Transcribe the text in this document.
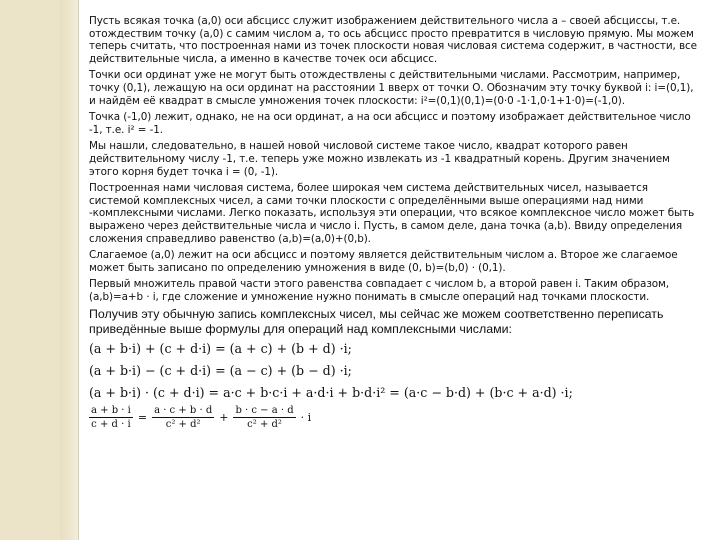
Пусть всякая точка (а,0) оси абсцисс служит изображением действительного числа а – своей абсциссы, т.е. отождествим точку (а,0) с самим числом а, то ось абсцисс просто превратится в числовую прямую. Мы можем теперь считать, что построенная нами из точек плоскости новая числовая система содержит, в частности, все действительные числа, а именно в качестве точек оси абсцисс.

Точки оси ординат уже не могут быть отождествлены с действительными числами. Рассмотрим, например, точку (0,1), лежащую на оси ординат на расстоянии 1 вверх от точки О. Обозначим эту точку буквой i: i=(0,1), и найдём её квадрат в смысле умножения точек плоскости: i²=(0,1)(0,1)=(0·0 -1·1,0·1+1·0)=(-1,0).

Точка (-1,0) лежит, однако, не на оси ординат, а на оси абсцисс и поэтому изображает действительное число -1, т.е. i² = -1.

Мы нашли, следовательно, в нашей новой числовой системе такое число, квадрат которого равен действительному числу -1, т.е. теперь уже можно извлекать из -1 квадратный корень. Другим значением этого корня будет точка i = (0, -1).

Построенная нами числовая система, более широкая чем система действительных чисел, называется системой комплексных чисел, а сами точки плоскости с определёнными выше операциями над ними -комплексными числами. Легко показать, используя эти операции, что всякое комплексное число может быть выражено через действительные числа и число i. Пусть, в самом деле, дана точка (а,b). Ввиду определения сложения справедливо равенство (a,b)=(a,0)+(0,b).

Слагаемое (а,0) лежит на оси абсцисс и поэтому является действительным числом а. Второе же слагаемое может быть записано по определению умножения в виде (0, b)=(b,0) · (0,1).

Первый множитель правой части этого равенства совпадает с числом b, а второй равен i. Таким образом, (a,b)=a+b · i, где сложение и умножение нужно понимать в смысле операций над точками плоскости.

Получив эту обычную запись комплексных чисел, мы сейчас же можем соответственно переписать приведённые выше формулы для операций над комплексными числами:

(a + b·i) + (c + d·i) = (a + c) + (b + d) ·i;
(a + b·i) − (c + d·i) = (a − c) + (b − d) ·i;
(a + b·i) · (c + d·i) = a·c + b·c·i + a·d·i + b·d·i² = (a·c − b·d) + (b·c + a·d) ·i;
$\frac{a + b \cdot i}{c + d \cdot i} = \frac{a \cdot c + b \cdot d}{\text{c² + d²}} + \frac{b \cdot c - a \cdot d}{\text{c² + d²}} \cdot i$
